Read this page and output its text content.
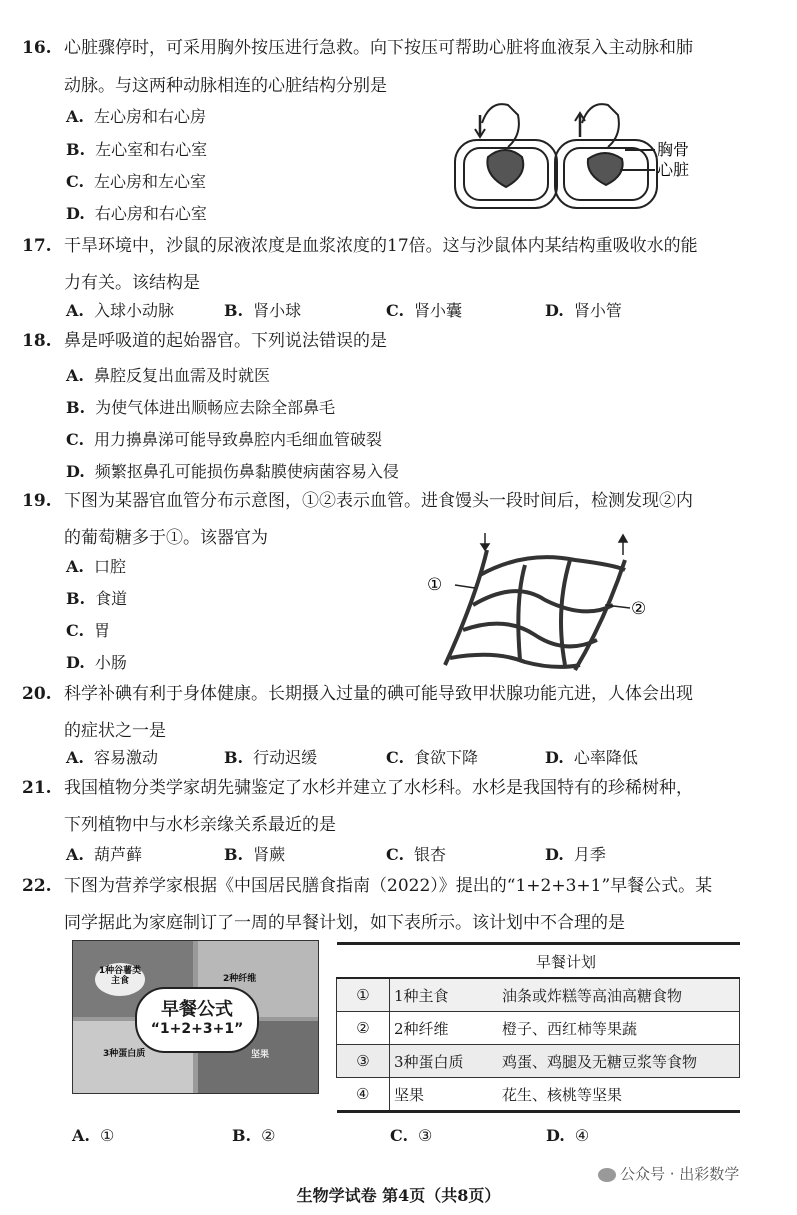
16. 心脏骤停时，可采用胸外按压进行急救。向下按压可帮助心脏将血液泵入主动脉和肺
动脉。与这两种动脉相连的心脏结构分别是
A. 左心房和右心房
B. 左心室和右心室
C. 左心房和左心室
D. 右心房和右心室
胸骨
心脏
17. 干旱环境中，沙鼠的尿液浓度是血浆浓度的17倍。这与沙鼠体内某结构重吸收水的能
力有关。该结构是
A. 入球小动脉	B. 肾小球	C. 肾小囊	D. 肾小管
18. 鼻是呼吸道的起始器官。下列说法错误的是
A. 鼻腔反复出血需及时就医
B. 为使气体进出顺畅应去除全部鼻毛
C. 用力擤鼻涕可能导致鼻腔内毛细血管破裂
D. 频繁抠鼻孔可能损伤鼻黏膜使病菌容易入侵
19. 下图为某器官血管分布示意图，①②表示血管。进食馒头一段时间后，检测发现②内
的葡萄糖多于①。该器官为
A. 口腔
B. 食道
C. 胃
D. 小肠
①
②
20. 科学补碘有利于身体健康。长期摄入过量的碘可能导致甲状腺功能亢进，人体会出现
的症状之一是
A. 容易激动	B. 行动迟缓	C. 食欲下降	D. 心率降低
21. 我国植物分类学家胡先骕鉴定了水杉并建立了水杉科。水杉是我国特有的珍稀树种，
下列植物中与水杉亲缘关系最近的是
A. 葫芦藓	B. 肾蕨	C. 银杏	D. 月季
22. 下图为营养学家根据《中国居民膳食指南（2022）》提出的“1+2+3+1”早餐公式。某
同学据此为家庭制订了一周的早餐计划，如下表所示。该计划中不合理的是
1种谷薯类主食	2种纤维
3种蛋白质	坚果
早餐公式
“1+2+3+1”
早餐计划		
①	1种主食	油条或炸糕等高油高糖食物
②	2种纤维	橙子、西红柿等果蔬
③	3种蛋白质	鸡蛋、鸡腿及无糖豆浆等食物
④	坚果	花生、核桃等坚果
A. ①	B. ②	C. ③	D. ④
公众号 · 出彩数学
生物学试卷 第4页（共8页）
